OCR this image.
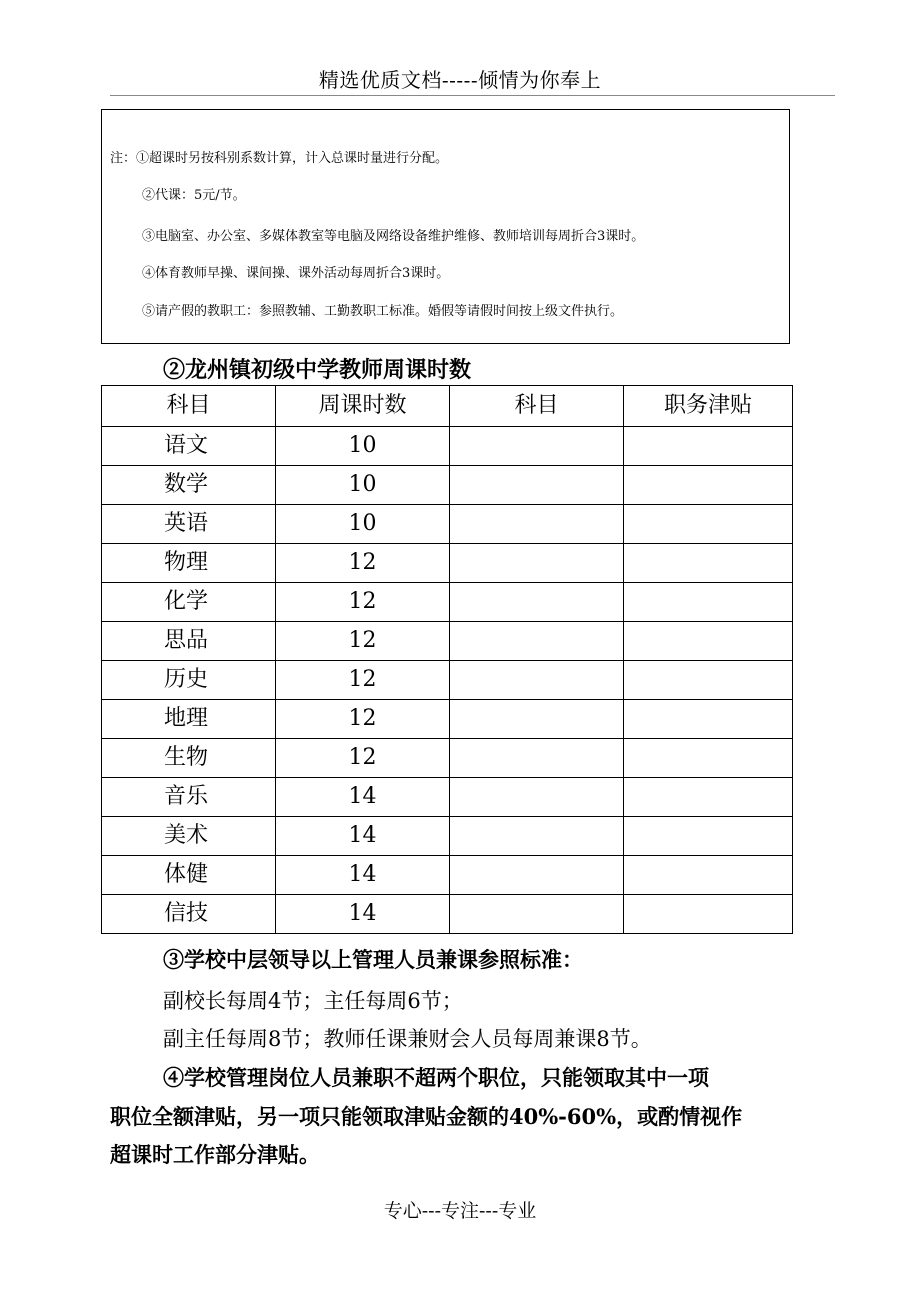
精选优质文档-----倾情为你奉上
注：①超课时另按科别系数计算，计入总课时量进行分配。
②代课：5元/节。
③电脑室、办公室、多媒体教室等电脑及网络设备维护维修、教师培训每周折合3课时。
④体育教师早操、课间操、课外活动每周折合3课时。
⑤请产假的教职工：参照教辅、工勤教职工标准。婚假等请假时间按上级文件执行。
②龙州镇初级中学教师周课时数
科目	周课时数	科目	职务津贴
语文	10		
数学	10		
英语	10		
物理	12		
化学	12		
思品	12		
历史	12		
地理	12		
生物	12		
音乐	14		
美术	14		
体健	14		
信技	14		
③学校中层领导以上管理人员兼课参照标准：
副校长每周4节；主任每周6节；
副主任每周8节；教师任课兼财会人员每周兼课8节。
④学校管理岗位人员兼职不超两个职位，只能领取其中一项
职位全额津贴，另一项只能领取津贴金额的40%-60%，或酌情视作
超课时工作部分津贴。
专心---专注---专业
